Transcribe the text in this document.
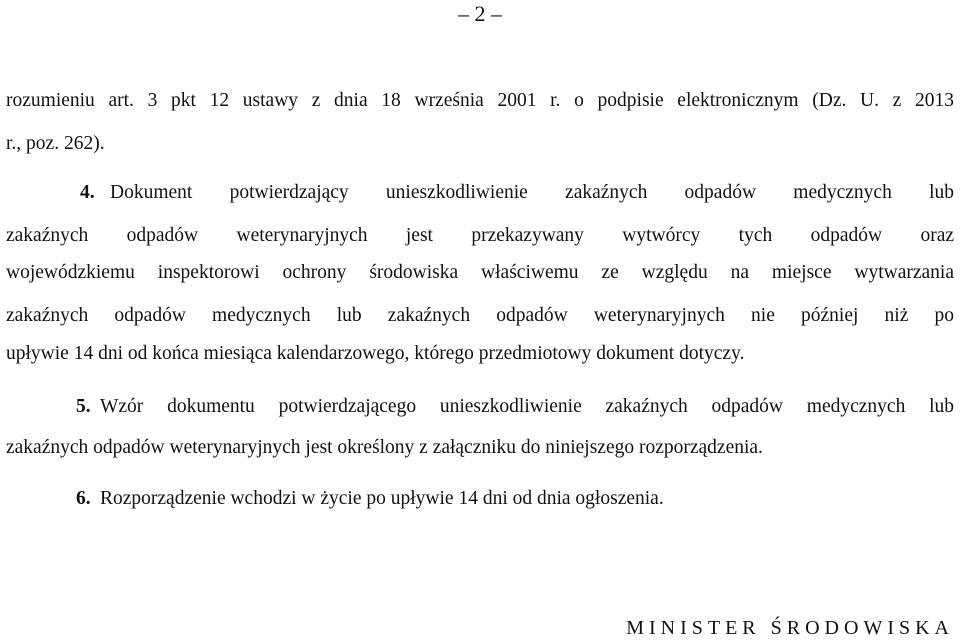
– 2 –
rozumieniu art. 3 pkt 12 ustawy z dnia 18 września 2001 r. o podpisie elektronicznym (Dz. U. z 2013
r., poz. 262).
4. Dokument potwierdzający unieszkodliwienie zakaźnych odpadów medycznych lub
zakaźnych odpadów weterynaryjnych jest przekazywany wytwórcy tych odpadów oraz
wojewódzkiemu inspektorowi ochrony środowiska właściwemu ze względu na miejsce wytwarzania
zakaźnych odpadów medycznych lub zakaźnych odpadów weterynaryjnych nie później niż po
upływie 14 dni od końca miesiąca kalendarzowego, którego przedmiotowy dokument dotyczy.
5. Wzór dokumentu potwierdzającego unieszkodliwienie zakaźnych odpadów medycznych lub
zakaźnych odpadów weterynaryjnych jest określony z załączniku do niniejszego rozporządzenia.
6. Rozporządzenie wchodzi w życie po upływie 14 dni od dnia ogłoszenia.
MINISTER ŚRODOWISKA
